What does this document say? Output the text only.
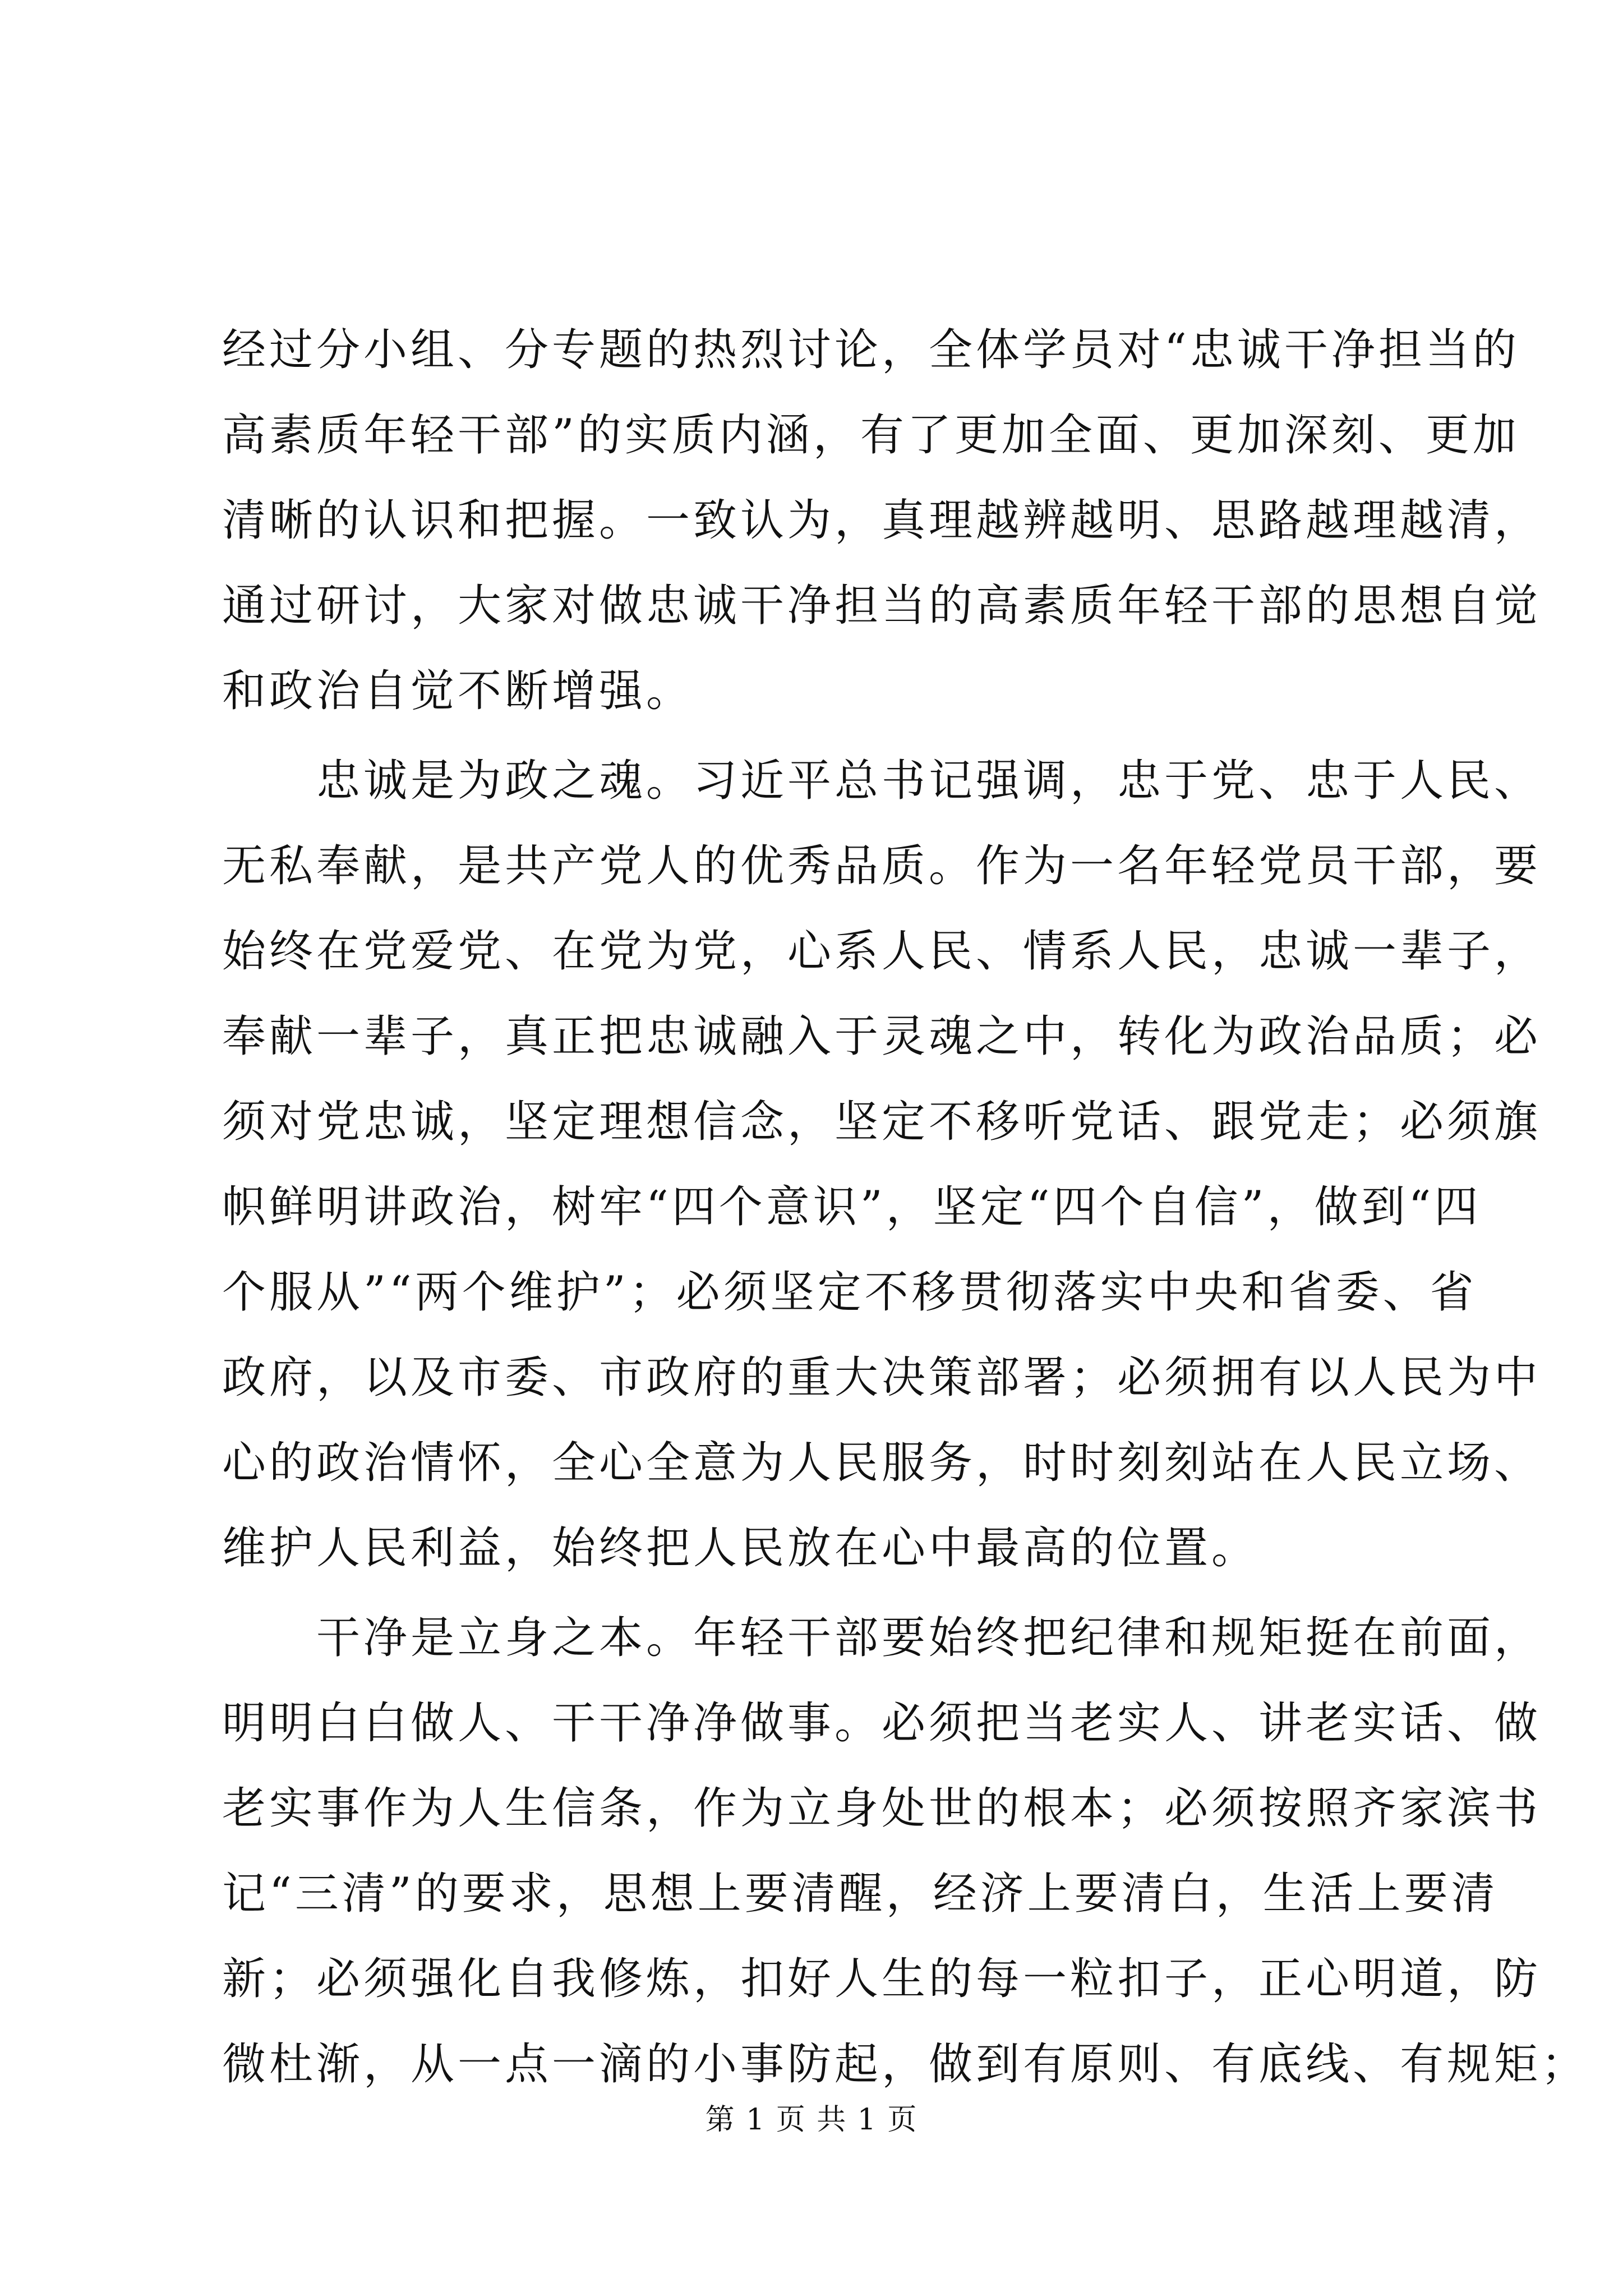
经过分小组、分专题的热烈讨论，全体学员对“忠诚干净担当的
高素质年轻干部”的实质内涵，有了更加全面、更加深刻、更加
清晰的认识和把握。一致认为，真理越辨越明、思路越理越清，
通过研讨，大家对做忠诚干净担当的高素质年轻干部的思想自觉
和政治自觉不断增强。
忠诚是为政之魂。习近平总书记强调，忠于党、忠于人民、
无私奉献，是共产党人的优秀品质。作为一名年轻党员干部，要
始终在党爱党、在党为党，心系人民、情系人民，忠诚一辈子，
奉献一辈子，真正把忠诚融入于灵魂之中，转化为政治品质；必
须对党忠诚，坚定理想信念，坚定不移听党话、跟党走；必须旗
帜鲜明讲政治，树牢“四个意识”，坚定“四个自信”，做到“四
个服从”“两个维护”；必须坚定不移贯彻落实中央和省委、省
政府，以及市委、市政府的重大决策部署；必须拥有以人民为中
心的政治情怀，全心全意为人民服务，时时刻刻站在人民立场、
维护人民利益，始终把人民放在心中最高的位置。
干净是立身之本。年轻干部要始终把纪律和规矩挺在前面，
明明白白做人、干干净净做事。必须把当老实人、讲老实话、做
老实事作为人生信条，作为立身处世的根本；必须按照齐家滨书
记“三清”的要求，思想上要清醒，经济上要清白，生活上要清
新；必须强化自我修炼，扣好人生的每一粒扣子，正心明道，防
微杜渐，从一点一滴的小事防起，做到有原则、有底线、有规矩；
第 1 页 共 1 页
